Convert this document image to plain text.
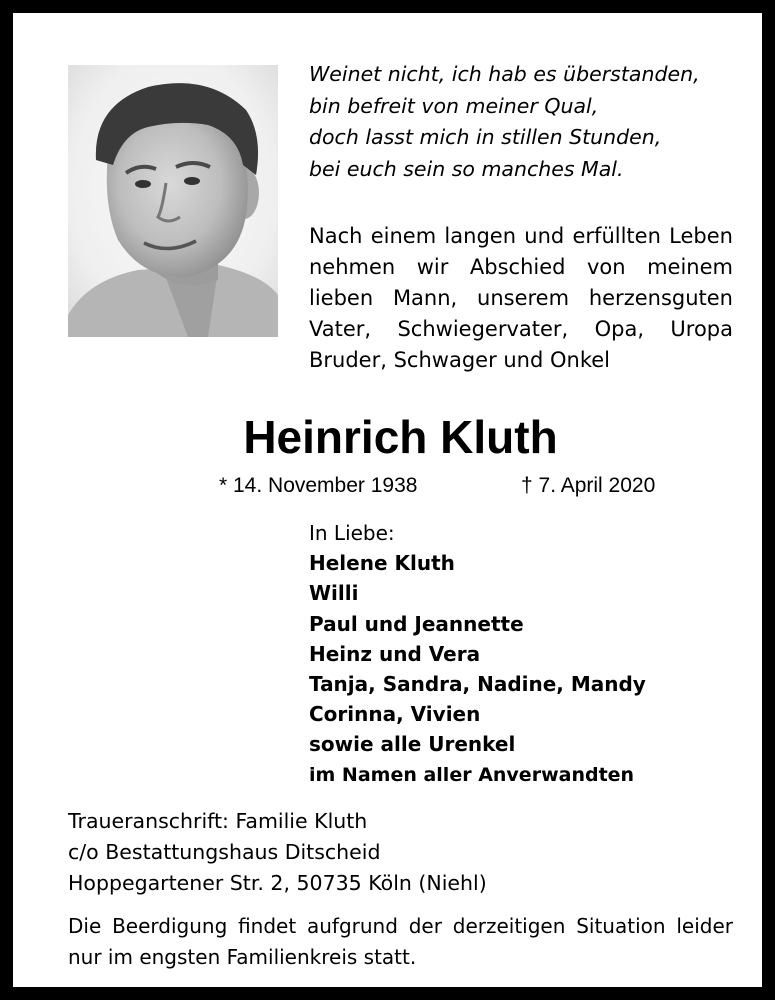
Weinet nicht, ich hab es überstanden,
bin befreit von meiner Qual,
doch lasst mich in stillen Stunden,
bei euch sein so manches Mal.
Nach einem langen und erfüllten Leben
nehmen wir Abschied von meinem
lieben Mann, unserem herzensguten
Vater, Schwiegervater, Opa, Uropa
Bruder, Schwager und Onkel
Heinrich Kluth
* 14. November 1938	† 7. April 2020
In Liebe:
Helene Kluth
Willi
Paul und Jeannette
Heinz und Vera
Tanja, Sandra, Nadine, Mandy
Corinna, Vivien
sowie alle Urenkel
im Namen aller Anverwandten
Traueranschrift: Familie Kluth
c/o Bestattungshaus Ditscheid
Hoppegartener Str. 2, 50735 Köln (Niehl)
Die Beerdigung findet aufgrund der derzeitigen Situation leider
nur im engsten Familienkreis statt.
